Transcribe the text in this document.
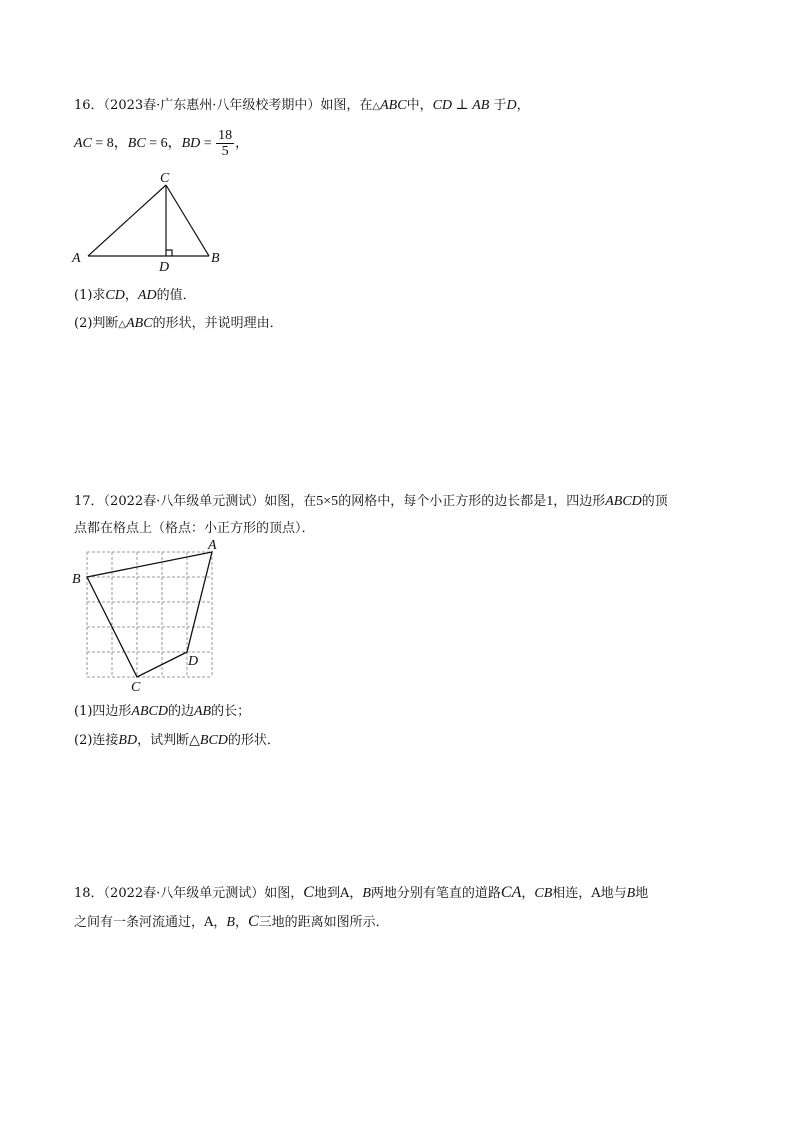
16．（2023春·广东惠州·八年级校考期中）如图，在△ABC中，CD ⊥ AB 于D，
AC = 8，BC = 6，BD = $\frac{18}{5}$ ，
A	B
C
D
A
B
C
D
(1)求CD，AD的值．
(2)判断△ABC的形状，并说明理由．
17．（2022春·八年级单元测试）如图，在5×5的网格中，每个小正方形的边长都是1，四边形ABCD的顶
点都在格点上（格点：小正方形的顶点）．
(1)四边形ABCD的边AB的长；
(2)连接BD，试判断△BCD的形状．
18．（2022春·八年级单元测试）如图，C地到A，B两地分别有笔直的道路CA，CB相连，A地与B地
之间有一条河流通过，A，B，C三地的距离如图所示．
